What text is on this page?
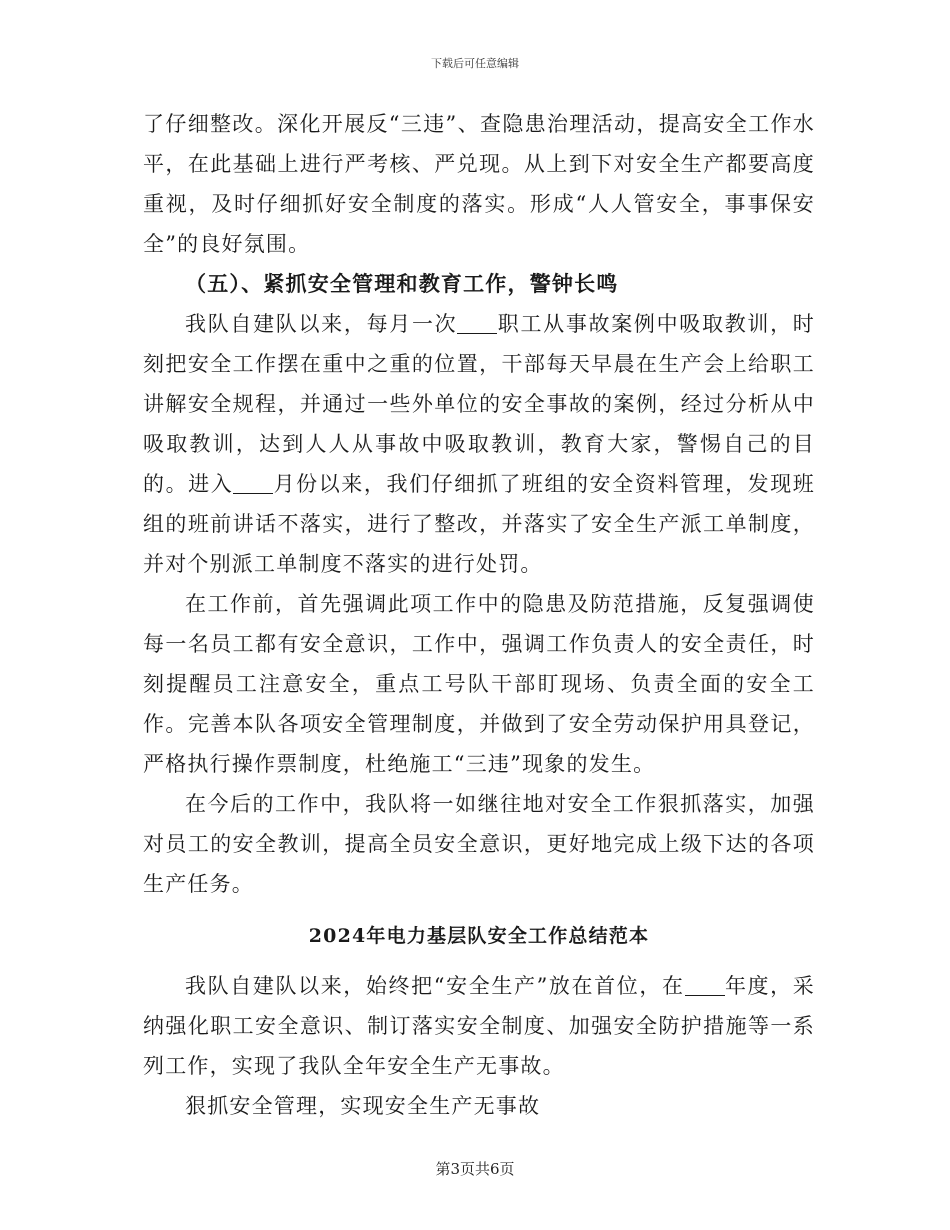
下载后可任意编辑

了仔细整改。深化开展反“三违”、查隐患治理活动，提高安全工作水平，在此基础上进行严考核、严兑现。从上到下对安全生产都要高度重视，及时仔细抓好安全制度的落实。形成“人人管安全，事事保安全”的良好氛围。

（五）、紧抓安全管理和教育工作，警钟长鸣

我队自建队以来，每月一次 职工从事故案例中吸取教训，时刻把安全工作摆在重中之重的位置，干部每天早晨在生产会上给职工讲解安全规程，并通过一些外单位的安全事故的案例，经过分析从中吸取教训，达到人人从事故中吸取教训，教育大家，警惕自己的目的。进入 月份以来，我们仔细抓了班组的安全资料管理，发现班组的班前讲话不落实，进行了整改，并落实了安全生产派工单制度，并对个别派工单制度不落实的进行处罚。

在工作前，首先强调此项工作中的隐患及防范措施，反复强调使每一名员工都有安全意识，工作中，强调工作负责人的安全责任，时刻提醒员工注意安全，重点工号队干部盯现场、负责全面的安全工作。完善本队各项安全管理制度，并做到了安全劳动保护用具登记，严格执行操作票制度，杜绝施工“三违”现象的发生。

在今后的工作中，我队将一如继往地对安全工作狠抓落实，加强对员工的安全教训，提高全员安全意识，更好地完成上级下达的各项生产任务。

2024年电力基层队安全工作总结范本

我队自建队以来，始终把“安全生产”放在首位，在 年度，采纳强化职工安全意识、制订落实安全制度、加强安全防护措施等一系列工作，实现了我队全年安全生产无事故。

狠抓安全管理，实现安全生产无事故

第3页共6页
